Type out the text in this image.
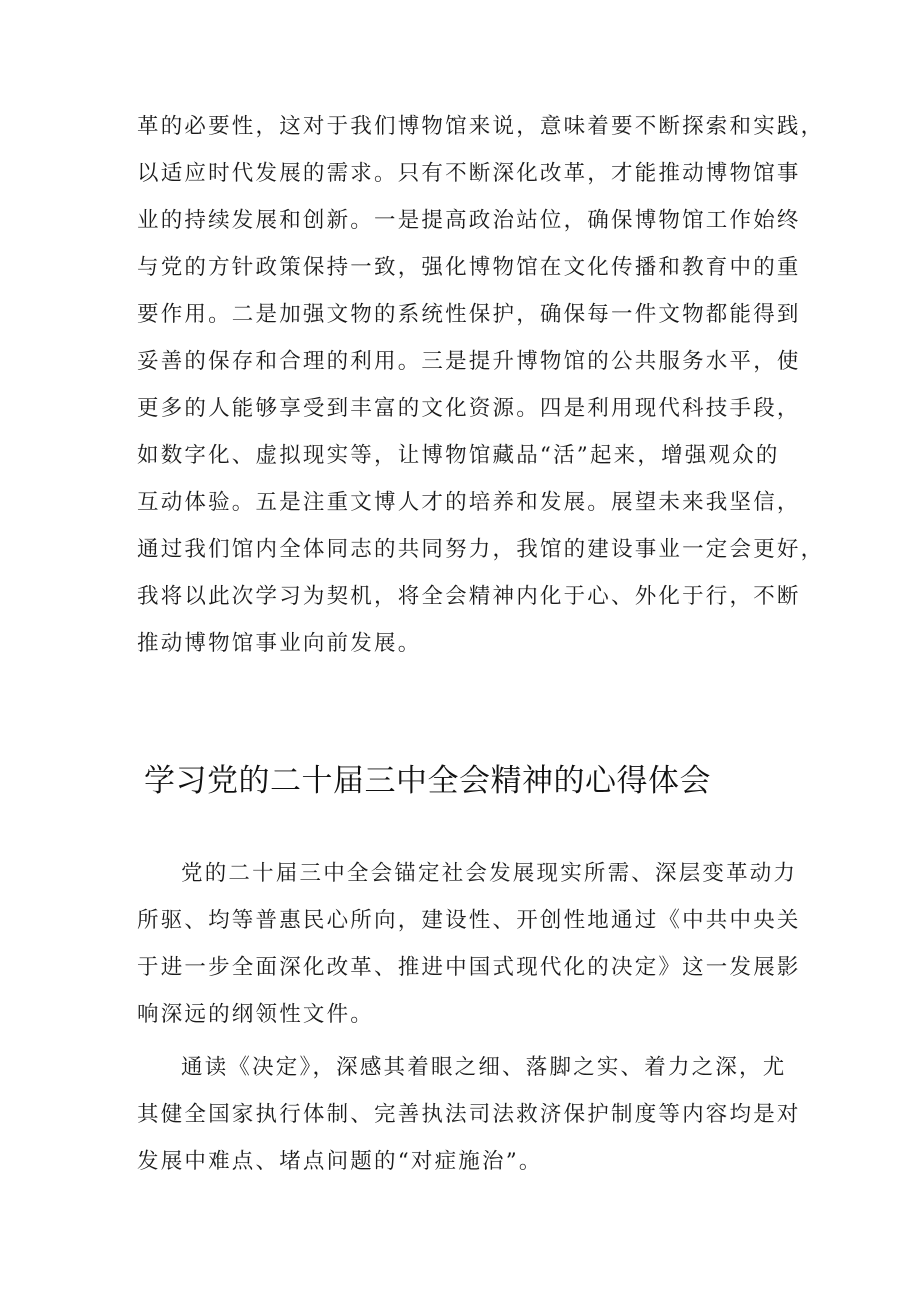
革的必要性，这对于我们博物馆来说，意味着要不断探索和实践，
以适应时代发展的需求。只有不断深化改革，才能推动博物馆事
业的持续发展和创新。一是提高政治站位，确保博物馆工作始终
与党的方针政策保持一致，强化博物馆在文化传播和教育中的重
要作用。二是加强文物的系统性保护，确保每一件文物都能得到
妥善的保存和合理的利用。三是提升博物馆的公共服务水平，使
更多的人能够享受到丰富的文化资源。四是利用现代科技手段，
如数字化、虚拟现实等，让博物馆藏品“活”起来，增强观众的
互动体验。五是注重文博人才的培养和发展。展望未来我坚信，
通过我们馆内全体同志的共同努力，我馆的建设事业一定会更好，
我将以此次学习为契机，将全会精神内化于心、外化于行，不断
推动博物馆事业向前发展。
学习党的二十届三中全会精神的心得体会
党的二十届三中全会锚定社会发展现实所需、深层变革动力
所驱、均等普惠民心所向，建设性、开创性地通过《中共中央关
于进一步全面深化改革、推进中国式现代化的决定》这一发展影
响深远的纲领性文件。
通读《决定》，深感其着眼之细、落脚之实、着力之深，尤
其健全国家执行体制、完善执法司法救济保护制度等内容均是对
发展中难点、堵点问题的“对症施治”。
